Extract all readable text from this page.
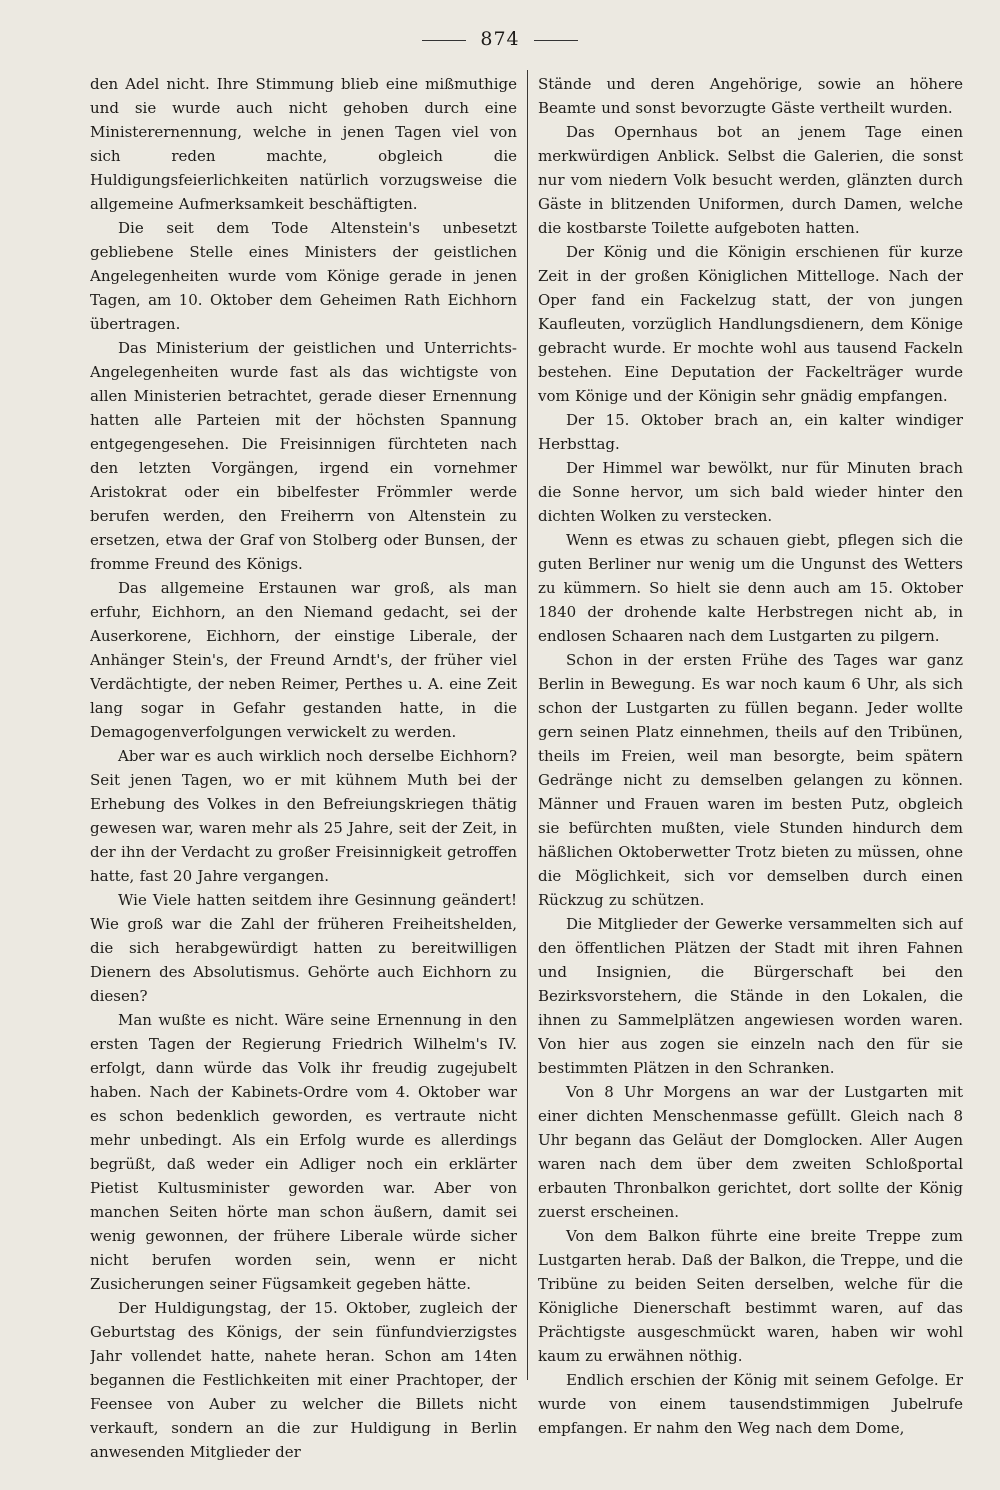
874

den Adel nicht. Ihre Stimmung blieb eine mißmuthige und sie wurde auch nicht gehoben durch eine Ministerernennung, welche in jenen Tagen viel von sich reden machte, obgleich die Huldigungsfeierlichkeiten natürlich vorzugsweise die allgemeine Aufmerksamkeit beschäftigten.

Die seit dem Tode Altenstein's unbesetzt gebliebene Stelle eines Ministers der geistlichen Angelegenheiten wurde vom Könige gerade in jenen Tagen, am 10. Oktober dem Geheimen Rath Eichhorn übertragen.

Das Ministerium der geistlichen und Unterrichts-Angelegenheiten wurde fast als das wichtigste von allen Ministerien betrachtet, gerade dieser Ernennung hatten alle Parteien mit der höchsten Spannung entgegengesehen. Die Freisinnigen fürchteten nach den letzten Vorgängen, irgend ein vornehmer Aristokrat oder ein bibelfester Frömmler werde berufen werden, den Freiherrn von Altenstein zu ersetzen, etwa der Graf von Stolberg oder Bunsen, der fromme Freund des Königs.

Das allgemeine Erstaunen war groß, als man erfuhr, Eichhorn, an den Niemand gedacht, sei der Auserkorene, Eichhorn, der einstige Liberale, der Anhänger Stein's, der Freund Arndt's, der früher viel Verdächtigte, der neben Reimer, Perthes u. A. eine Zeit lang sogar in Gefahr gestanden hatte, in die Demagogenverfolgungen verwickelt zu werden.

Aber war es auch wirklich noch derselbe Eichhorn? Seit jenen Tagen, wo er mit kühnem Muth bei der Erhebung des Volkes in den Befreiungskriegen thätig gewesen war, waren mehr als 25 Jahre, seit der Zeit, in der ihn der Verdacht zu großer Freisinnigkeit getroffen hatte, fast 20 Jahre vergangen.

Wie Viele hatten seitdem ihre Gesinnung geändert! Wie groß war die Zahl der früheren Freiheitshelden, die sich herabgewürdigt hatten zu bereitwilligen Dienern des Absolutismus. Gehörte auch Eichhorn zu diesen?

Man wußte es nicht. Wäre seine Ernennung in den ersten Tagen der Regierung Friedrich Wilhelm's IV. erfolgt, dann würde das Volk ihr freudig zugejubelt haben. Nach der Kabinets-Ordre vom 4. Oktober war es schon bedenklich geworden, es vertraute nicht mehr unbedingt. Als ein Erfolg wurde es allerdings begrüßt, daß weder ein Adliger noch ein erklärter Pietist Kultusminister geworden war. Aber von manchen Seiten hörte man schon äußern, damit sei wenig gewonnen, der frühere Liberale würde sicher nicht berufen worden sein, wenn er nicht Zusicherungen seiner Fügsamkeit gegeben hätte.

Der Huldigungstag, der 15. Oktober, zugleich der Geburtstag des Königs, der sein fünfundvierzigstes Jahr vollendet hatte, nahete heran. Schon am 14ten begannen die Festlichkeiten mit einer Prachtoper, der Feensee von Auber zu welcher die Billets nicht verkauft, sondern an die zur Huldigung in Berlin anwesenden Mitglieder der

Stände und deren Angehörige, sowie an höhere Beamte und sonst bevorzugte Gäste vertheilt wurden.

Das Opernhaus bot an jenem Tage einen merkwürdigen Anblick. Selbst die Galerien, die sonst nur vom niedern Volk besucht werden, glänzten durch Gäste in blitzenden Uniformen, durch Damen, welche die kostbarste Toilette aufgeboten hatten.

Der König und die Königin erschienen für kurze Zeit in der großen Königlichen Mittelloge. Nach der Oper fand ein Fackelzug statt, der von jungen Kaufleuten, vorzüglich Handlungsdienern, dem Könige gebracht wurde. Er mochte wohl aus tausend Fackeln bestehen. Eine Deputation der Fackelträger wurde vom Könige und der Königin sehr gnädig empfangen.

Der 15. Oktober brach an, ein kalter windiger Herbsttag.

Der Himmel war bewölkt, nur für Minuten brach die Sonne hervor, um sich bald wieder hinter den dichten Wolken zu verstecken.

Wenn es etwas zu schauen giebt, pflegen sich die guten Berliner nur wenig um die Ungunst des Wetters zu kümmern. So hielt sie denn auch am 15. Oktober 1840 der drohende kalte Herbstregen nicht ab, in endlosen Schaaren nach dem Lustgarten zu pilgern.

Schon in der ersten Frühe des Tages war ganz Berlin in Bewegung. Es war noch kaum 6 Uhr, als sich schon der Lustgarten zu füllen begann. Jeder wollte gern seinen Platz einnehmen, theils auf den Tribünen, theils im Freien, weil man besorgte, beim spätern Gedränge nicht zu demselben gelangen zu können. Männer und Frauen waren im besten Putz, obgleich sie befürchten mußten, viele Stunden hindurch dem häßlichen Oktoberwetter Trotz bieten zu müssen, ohne die Möglichkeit, sich vor demselben durch einen Rückzug zu schützen.

Die Mitglieder der Gewerke versammelten sich auf den öffentlichen Plätzen der Stadt mit ihren Fahnen und Insignien, die Bürgerschaft bei den Bezirksvorstehern, die Stände in den Lokalen, die ihnen zu Sammelplätzen angewiesen worden waren. Von hier aus zogen sie einzeln nach den für sie bestimmten Plätzen in den Schranken.

Von 8 Uhr Morgens an war der Lustgarten mit einer dichten Menschenmasse gefüllt. Gleich nach 8 Uhr begann das Geläut der Domglocken. Aller Augen waren nach dem über dem zweiten Schloßportal erbauten Thronbalkon gerichtet, dort sollte der König zuerst erscheinen.

Von dem Balkon führte eine breite Treppe zum Lustgarten herab. Daß der Balkon, die Treppe, und die Tribüne zu beiden Seiten derselben, welche für die Königliche Dienerschaft bestimmt waren, auf das Prächtigste ausgeschmückt waren, haben wir wohl kaum zu erwähnen nöthig.

Endlich erschien der König mit seinem Gefolge. Er wurde von einem tausendstimmigen Jubelrufe empfangen. Er nahm den Weg nach dem Dome,
